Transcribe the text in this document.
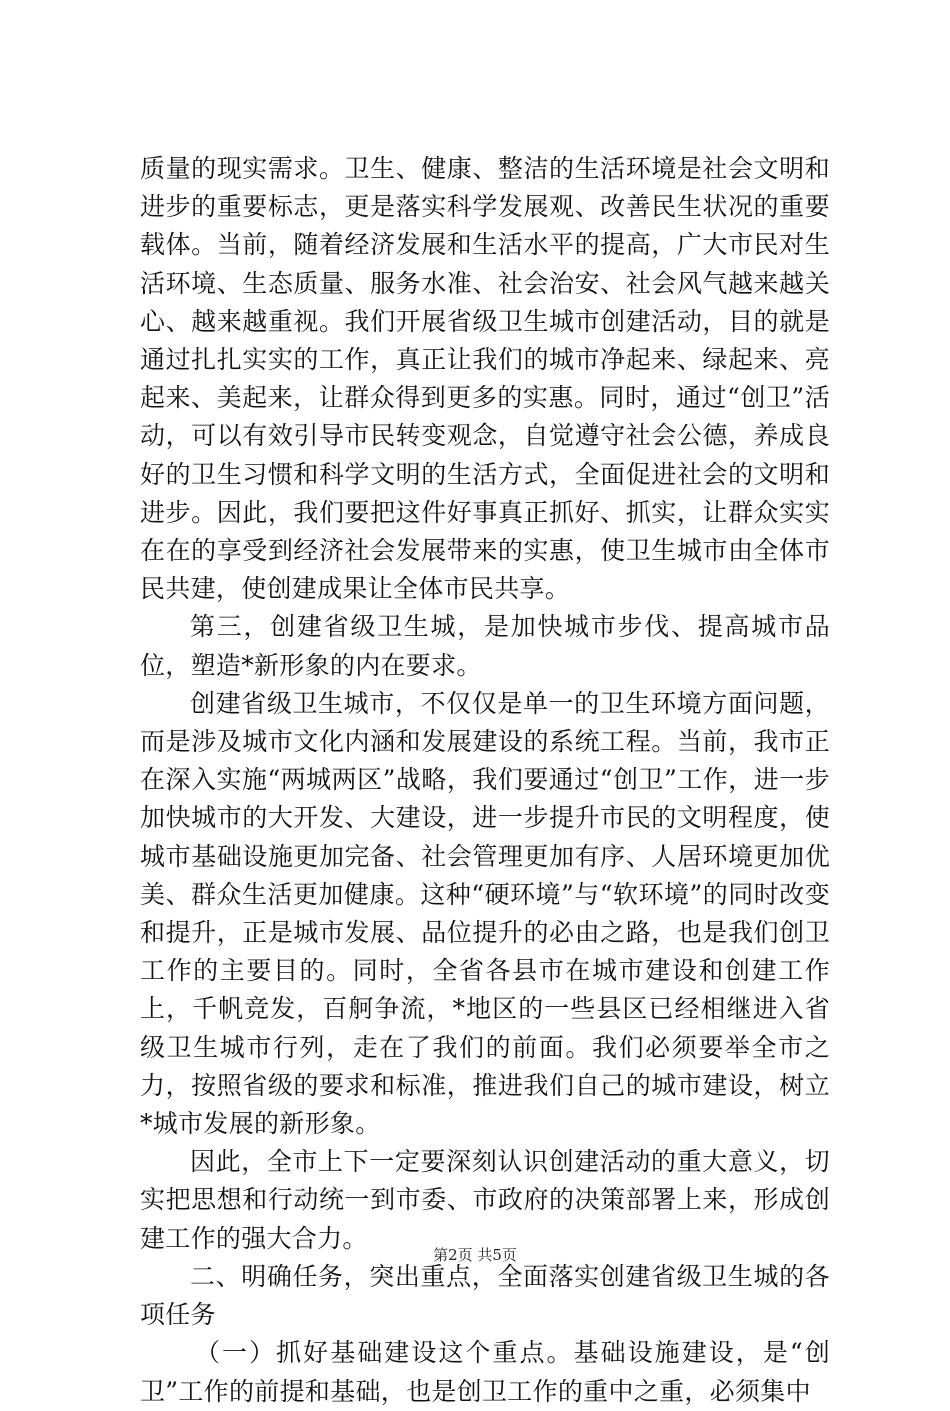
质量的现实需求。卫生、健康、整洁的生活环境是社会文明和进步的重要标志，更是落实科学发展观、改善民生状况的重要载体。当前，随着经济发展和生活水平的提高，广大市民对生活环境、生态质量、服务水准、社会治安、社会风气越来越关心、越来越重视。我们开展省级卫生城市创建活动，目的就是通过扎扎实实的工作，真正让我们的城市净起来、绿起来、亮起来、美起来，让群众得到更多的实惠。同时，通过“创卫”活动，可以有效引导市民转变观念，自觉遵守社会公德，养成良好的卫生习惯和科学文明的生活方式，全面促进社会的文明和进步。因此，我们要把这件好事真正抓好、抓实，让群众实实在在的享受到经济社会发展带来的实惠，使卫生城市由全体市民共建，使创建成果让全体市民共享。

第三，创建省级卫生城，是加快城市步伐、提高城市品位，塑造*新形象的内在要求。

创建省级卫生城市，不仅仅是单一的卫生环境方面问题，而是涉及城市文化内涵和发展建设的系统工程。当前，我市正在深入实施“两城两区”战略，我们要通过“创卫”工作，进一步加快城市的大开发、大建设，进一步提升市民的文明程度，使城市基础设施更加完备、社会管理更加有序、人居环境更加优美、群众生活更加健康。这种“硬环境”与“软环境”的同时改变和提升，正是城市发展、品位提升的必由之路，也是我们创卫工作的主要目的。同时，全省各县市在城市建设和创建工作上，千帆竞发，百舸争流，*地区的一些县区已经相继进入省级卫生城市行列，走在了我们的前面。我们必须要举全市之力，按照省级的要求和标准，推进我们自己的城市建设，树立*城市发展的新形象。

因此，全市上下一定要深刻认识创建活动的重大意义，切实把思想和行动统一到市委、市政府的决策部署上来，形成创建工作的强大合力。

二、明确任务，突出重点，全面落实创建省级卫生城的各项任务

（一）抓好基础建设这个重点。基础设施建设，是“创卫”工作的前提和基础，也是创卫工作的重中之重，必须集中

第2页 共5页
